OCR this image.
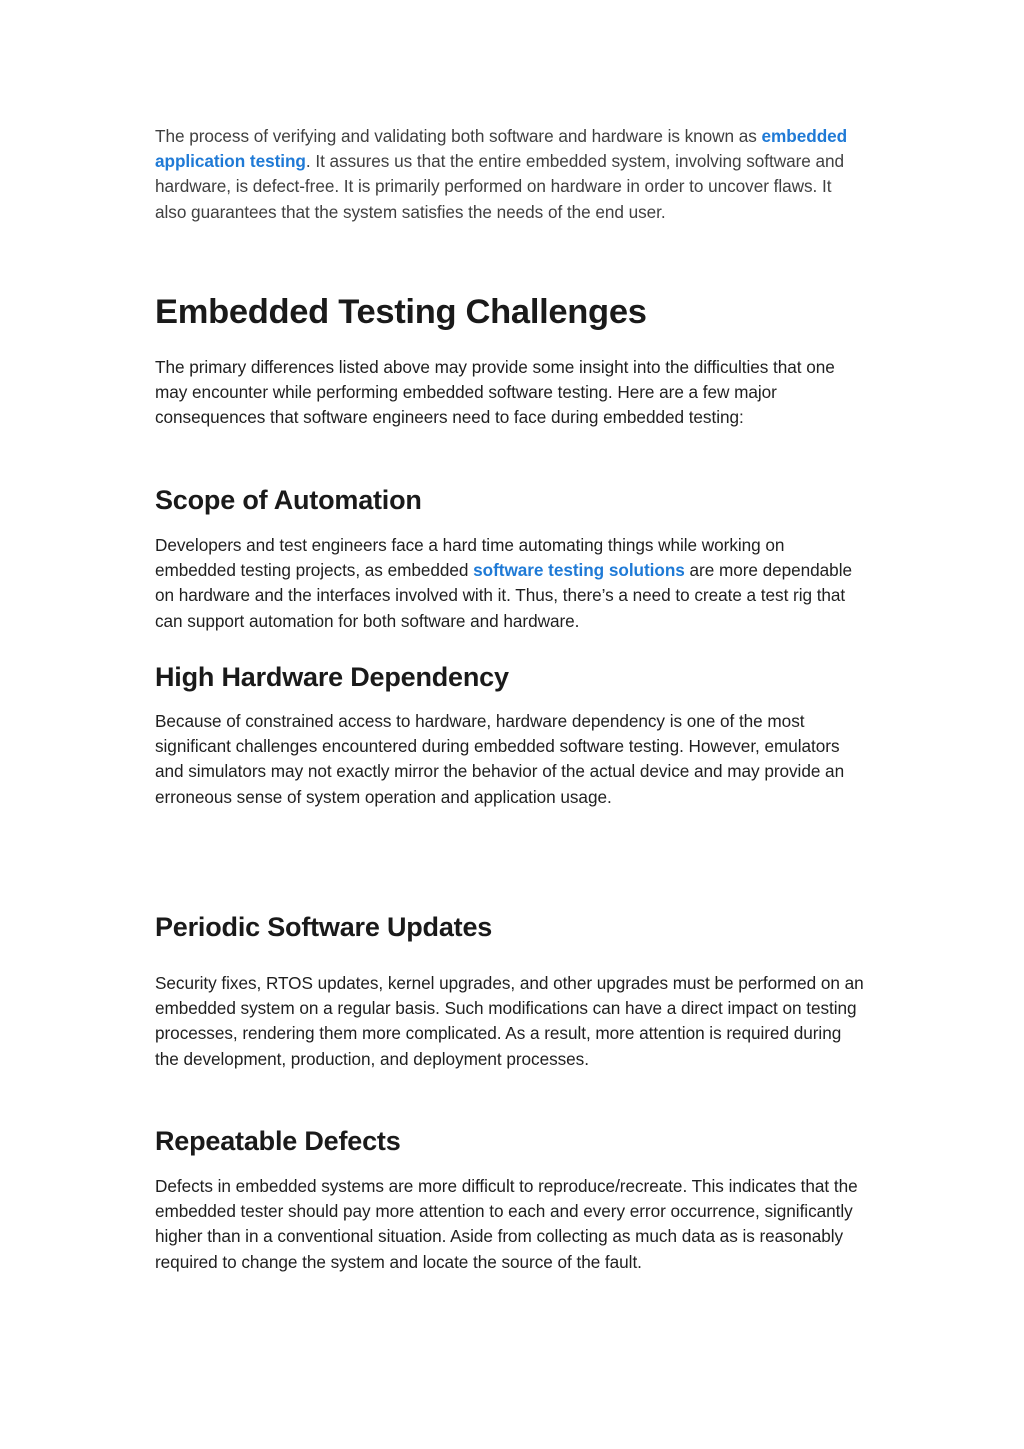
The process of verifying and validating both software and hardware is known as embedded application testing. It assures us that the entire embedded system, involving software and hardware, is defect-free. It is primarily performed on hardware in order to uncover flaws. It also guarantees that the system satisfies the needs of the end user.

Embedded Testing Challenges

The primary differences listed above may provide some insight into the difficulties that one may encounter while performing embedded software testing. Here are a few major consequences that software engineers need to face during embedded testing:

Scope of Automation

Developers and test engineers face a hard time automating things while working on embedded testing projects, as embedded software testing solutions are more dependable on hardware and the interfaces involved with it. Thus, there’s a need to create a test rig that can support automation for both software and hardware.

High Hardware Dependency

Because of constrained access to hardware, hardware dependency is one of the most significant challenges encountered during embedded software testing. However, emulators and simulators may not exactly mirror the behavior of the actual device and may provide an erroneous sense of system operation and application usage.

Periodic Software Updates

Security fixes, RTOS updates, kernel upgrades, and other upgrades must be performed on an embedded system on a regular basis. Such modifications can have a direct impact on testing processes, rendering them more complicated. As a result, more attention is required during the development, production, and deployment processes.

Repeatable Defects

Defects in embedded systems are more difficult to reproduce/recreate. This indicates that the embedded tester should pay more attention to each and every error occurrence, significantly higher than in a conventional situation. Aside from collecting as much data as is reasonably required to change the system and locate the source of the fault.
